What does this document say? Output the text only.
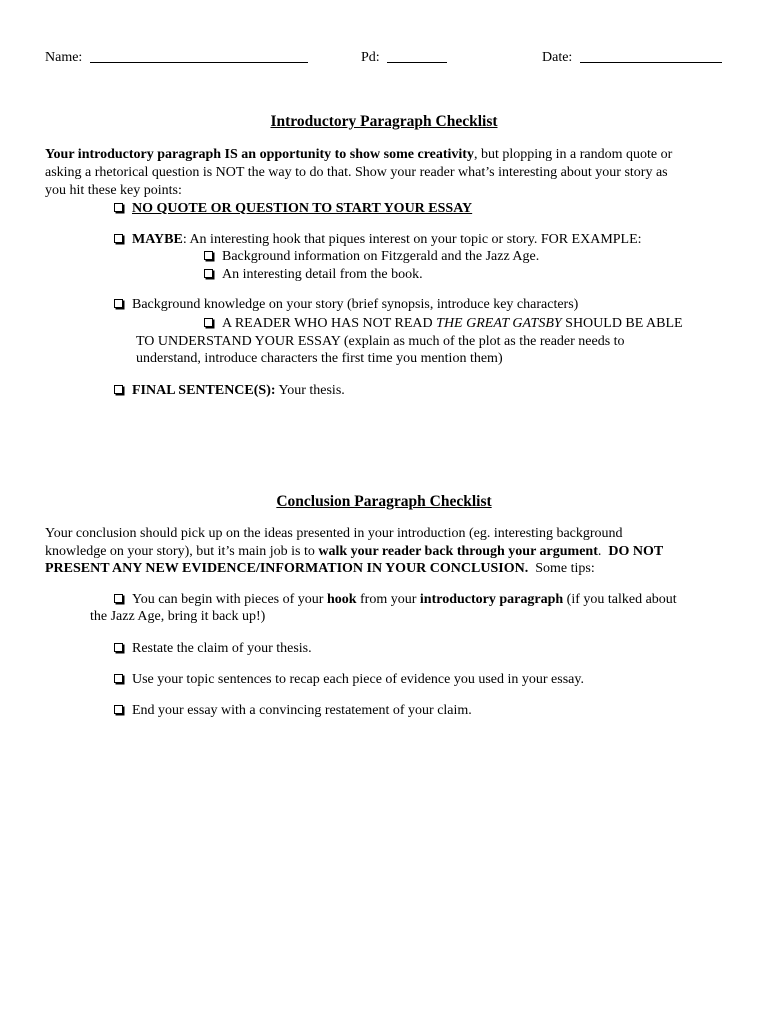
Name:	Pd:	Date:
Introductory Paragraph Checklist
Your introductory paragraph IS an opportunity to show some creativity, but plopping in a random quote or
asking a rhetorical question is NOT the way to do that. Show your reader what’s interesting about your story as
you hit these key points:
NO QUOTE OR QUESTION TO START YOUR ESSAY
MAYBE: An interesting hook that piques interest on your topic or story. FOR EXAMPLE:
Background information on Fitzgerald and the Jazz Age.
An interesting detail from the book.
Background knowledge on your story (brief synopsis, introduce key characters)
A READER WHO HAS NOT READ THE GREAT GATSBY SHOULD BE ABLE
TO UNDERSTAND YOUR ESSAY (explain as much of the plot as the reader needs to
understand, introduce characters the first time you mention them)
FINAL SENTENCE(S): Your thesis.
Conclusion Paragraph Checklist
Your conclusion should pick up on the ideas presented in your introduction (eg. interesting background
knowledge on your story), but it’s main job is to walk your reader back through your argument.  DO NOT
PRESENT ANY NEW EVIDENCE/INFORMATION IN YOUR CONCLUSION.  Some tips:
You can begin with pieces of your hook from your introductory paragraph (if you talked about
the Jazz Age, bring it back up!)
Restate the claim of your thesis.
Use your topic sentences to recap each piece of evidence you used in your essay.
End your essay with a convincing restatement of your claim.
